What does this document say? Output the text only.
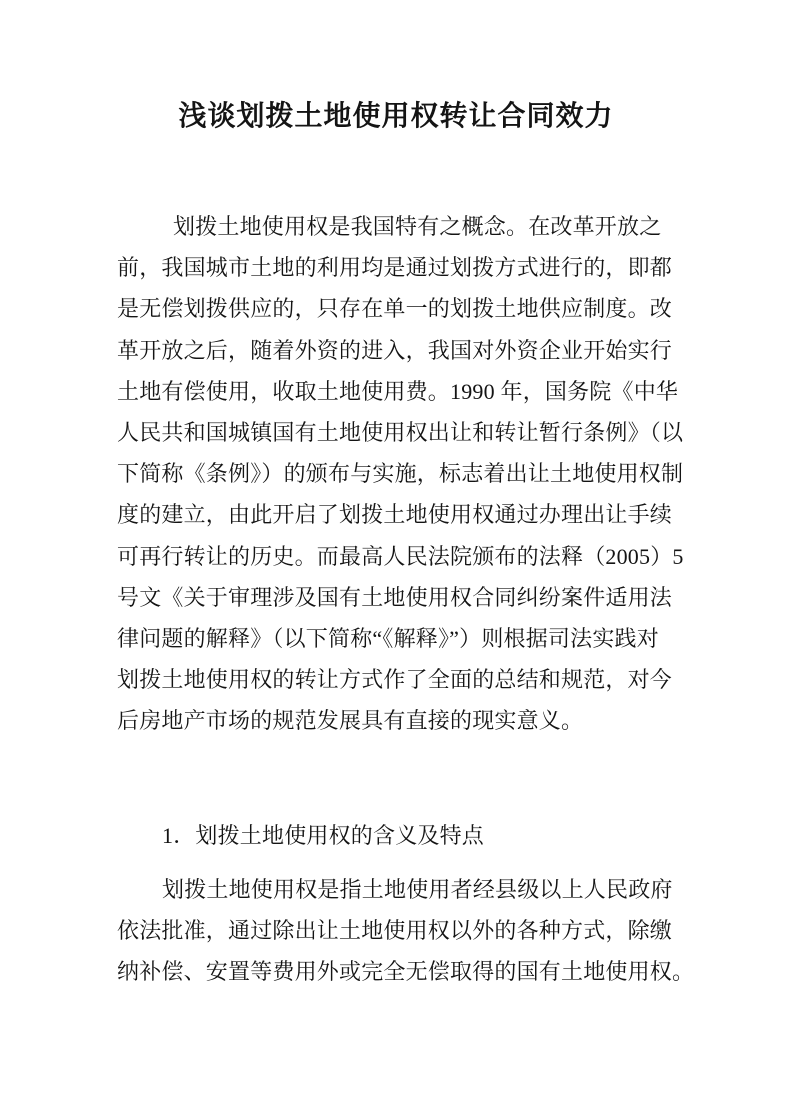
浅谈划拨土地使用权转让合同效力
划拨土地使用权是我国特有之概念。在改革开放之
前，我国城市土地的利用均是通过划拨方式进行的，即都
是无偿划拨供应的，只存在单一的划拨土地供应制度。改
革开放之后，随着外资的进入，我国对外资企业开始实行
土地有偿使用，收取土地使用费。1990 年，国务院《中华
人民共和国城镇国有土地使用权出让和转让暂行条例》（以
下简称《条例》）的颁布与实施，标志着出让土地使用权制
度的建立，由此开启了划拨土地使用权通过办理出让手续
可再行转让的历史。而最高人民法院颁布的法释（2005）5
号文《关于审理涉及国有土地使用权合同纠纷案件适用法
律问题的解释》（以下简称“《解释》”）则根据司法实践对
划拨土地使用权的转让方式作了全面的总结和规范，对今
后房地产市场的规范发展具有直接的现实意义。
1．划拨土地使用权的含义及特点
划拨土地使用权是指土地使用者经县级以上人民政府
依法批准，通过除出让土地使用权以外的各种方式，除缴
纳补偿、安置等费用外或完全无偿取得的国有土地使用权。
